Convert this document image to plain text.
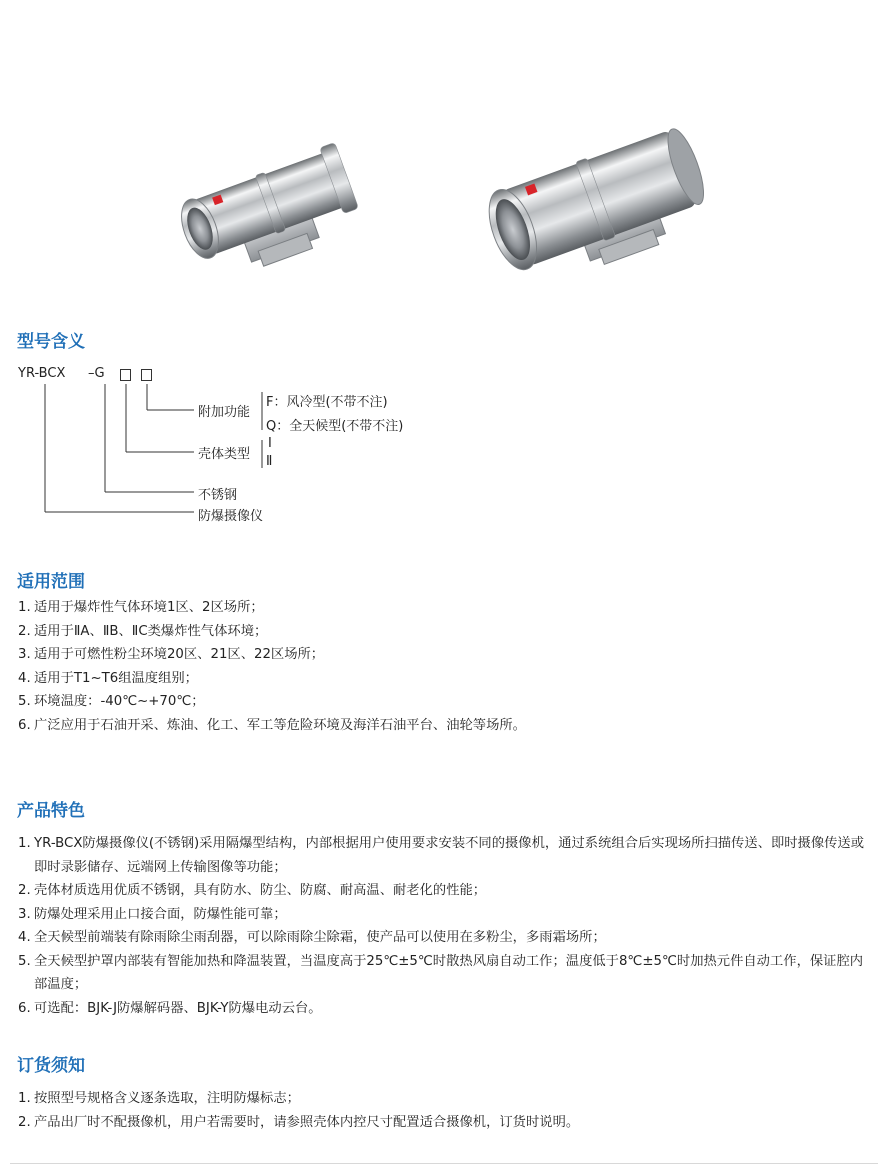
型号含义
YR-BCX –G
附加功能
F：风冷型(不带不注)
Q：全天候型(不带不注)
壳体类型
Ⅰ
Ⅱ
不锈钢
防爆摄像仪
适用范围
1. 适用于爆炸性气体环境1区、2区场所；
2. 适用于ⅡA、ⅡB、ⅡC类爆炸性气体环境；
3. 适用于可燃性粉尘环境20区、21区、22区场所；
4. 适用于T1~T6组温度组别；
5. 环境温度：-40℃~+70℃；
6. 广泛应用于石油开采、炼油、化工、军工等危险环境及海洋石油平台、油轮等场所。
产品特色
1. YR-BCX防爆摄像仪(不锈钢)采用隔爆型结构，内部根据用户使用要求安装不同的摄像机，通过系统组合后实现场所扫描传送、即时摄像传送或即时录影储存、远端网上传输图像等功能；
2. 壳体材质选用优质不锈钢，具有防水、防尘、防腐、耐高温、耐老化的性能；
3. 防爆处理采用止口接合面，防爆性能可靠；
4. 全天候型前端装有除雨除尘雨刮器，可以除雨除尘除霜，使产品可以使用在多粉尘，多雨霜场所；
5. 全天候型护罩内部装有智能加热和降温装置，当温度高于25℃±5℃时散热风扇自动工作；温度低于8℃±5℃时加热元件自动工作，保证腔内部温度；
6. 可选配：BJK-J防爆解码器、BJK-Y防爆电动云台。
订货须知
1. 按照型号规格含义逐条选取，注明防爆标志；
2. 产品出厂时不配摄像机，用户若需要时，请参照壳体内控尺寸配置适合摄像机，订货时说明。
